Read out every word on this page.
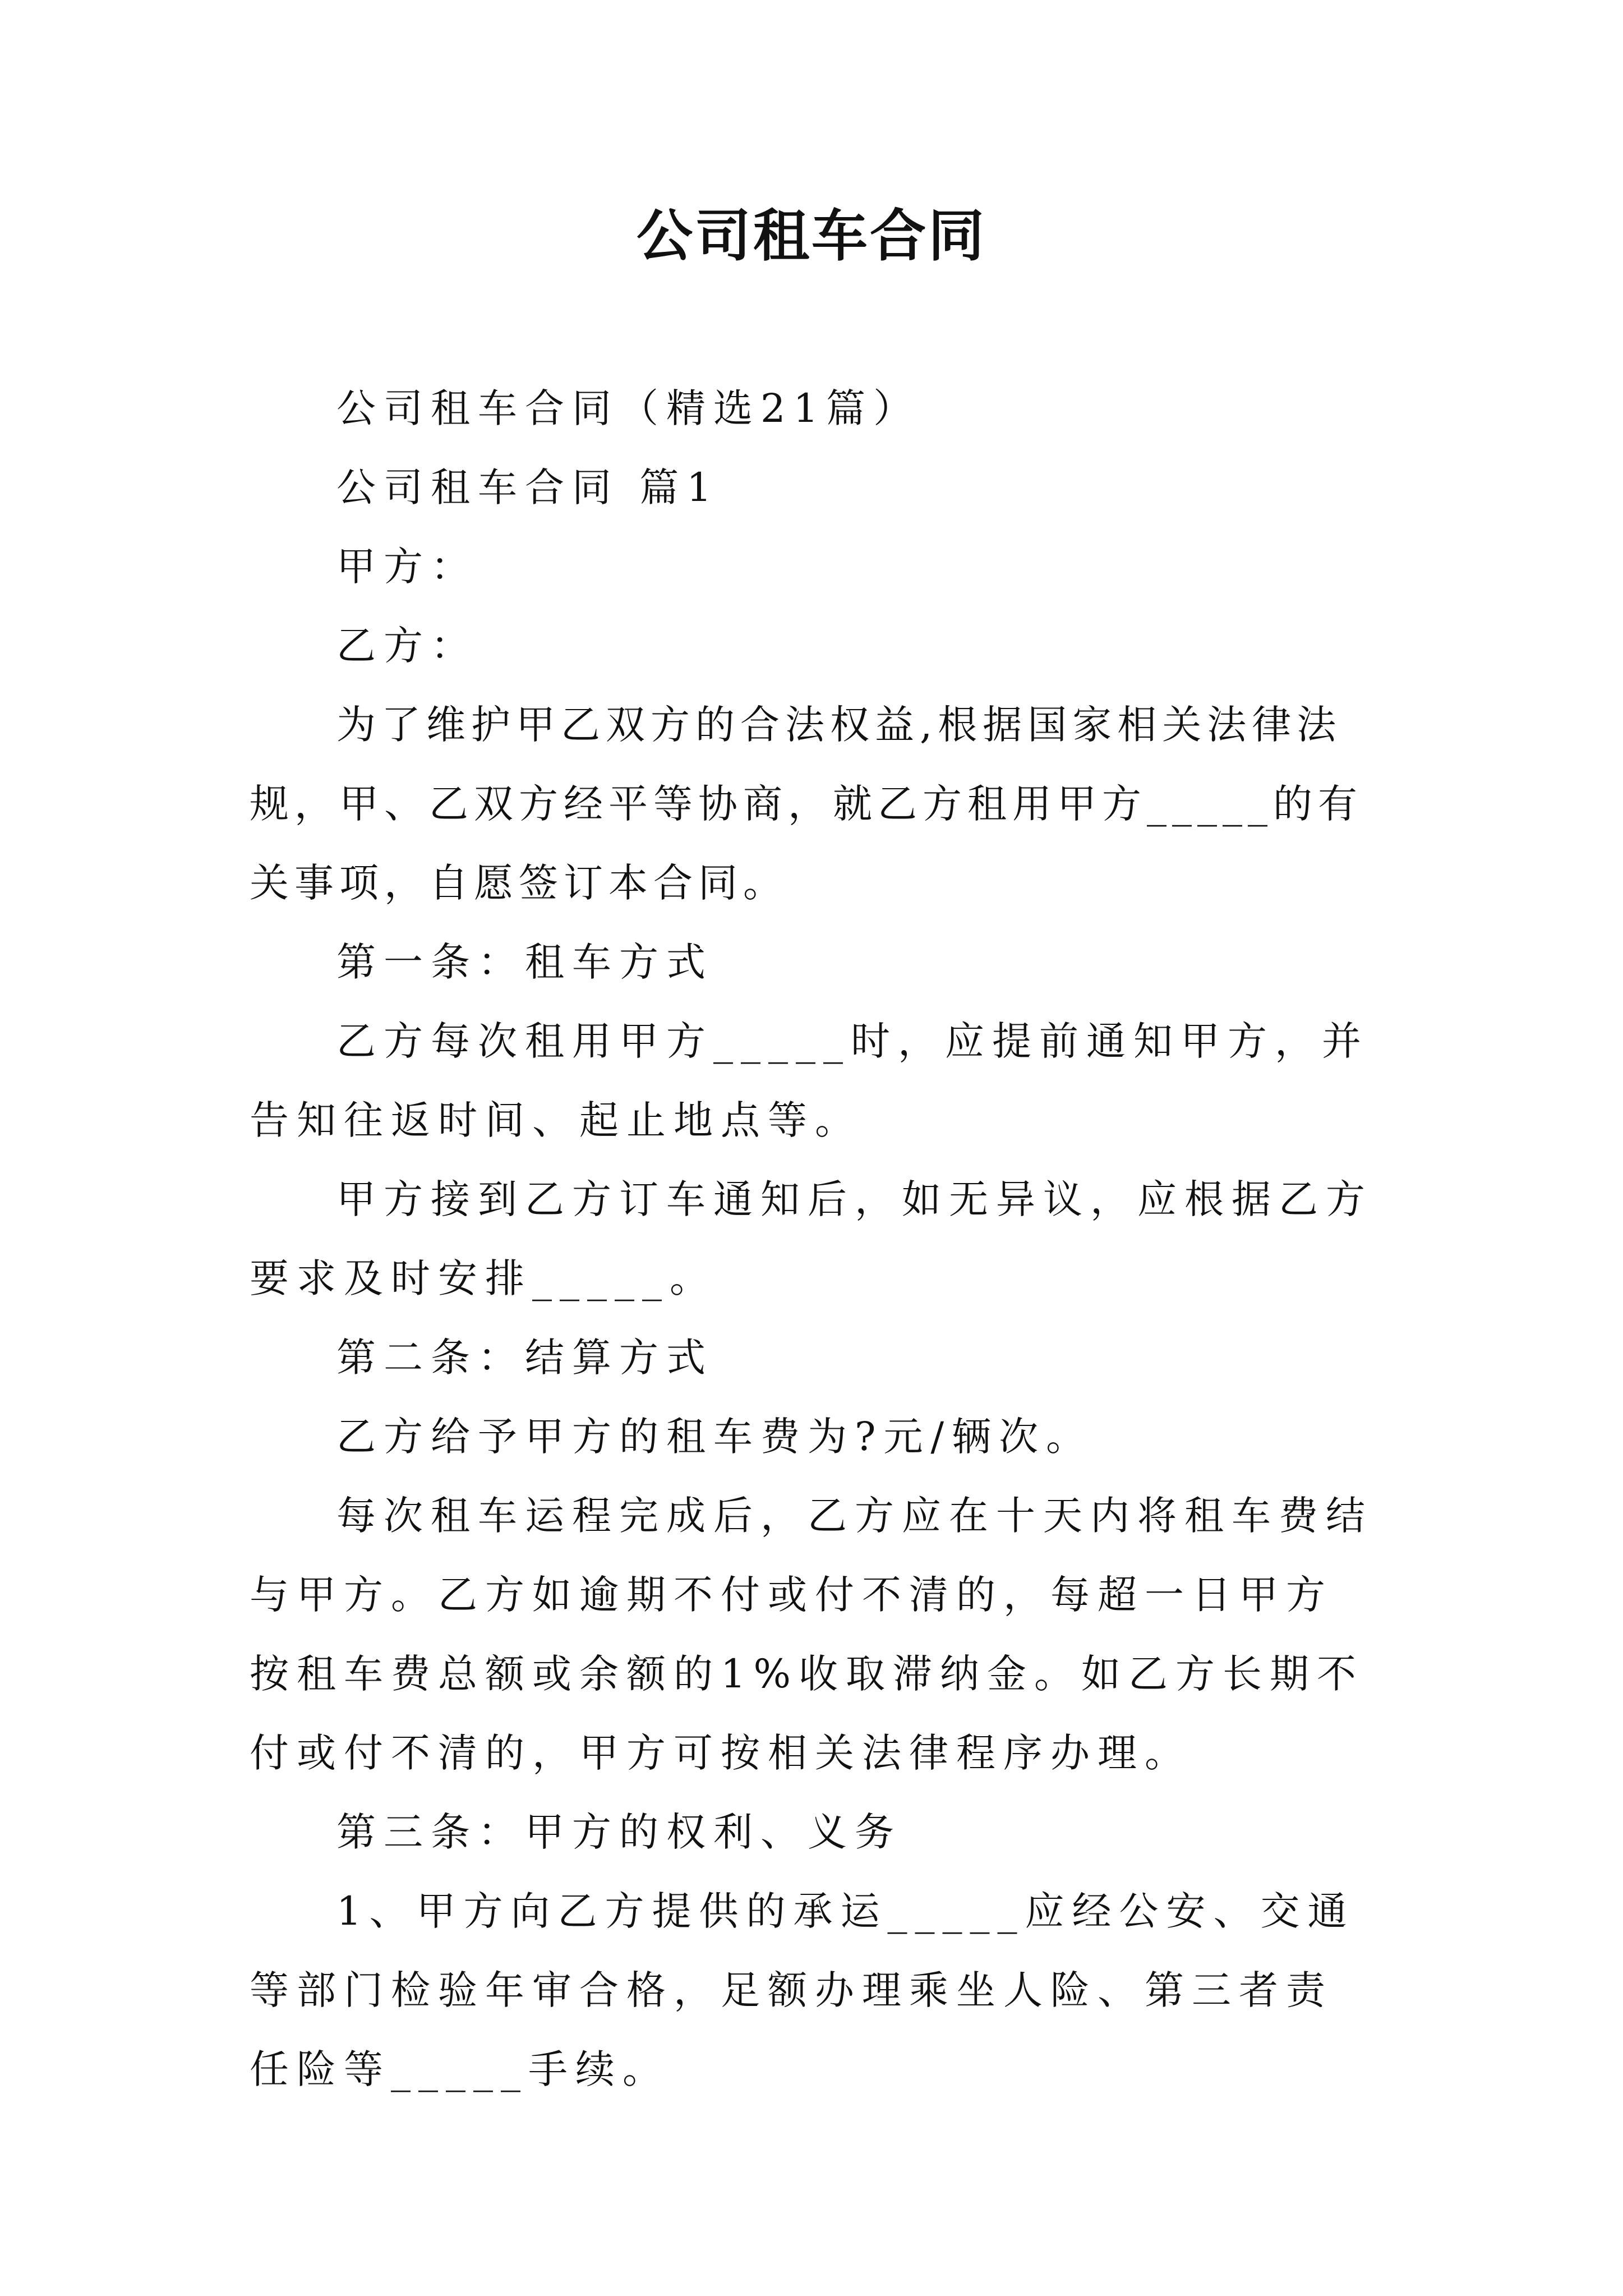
公司租车合同

公司租车合同（精选21篇）

公司租车合同 篇1

甲方：

乙方：

为了维护甲乙双方的合法权益,根据国家相关法律法规，甲、乙双方经平等协商，就乙方租用甲方_____的有关事项，自愿签订本合同。

第一条：租车方式

乙方每次租用甲方_____时，应提前通知甲方，并告知往返时间、起止地点等。

甲方接到乙方订车通知后，如无异议，应根据乙方要求及时安排_____。

第二条：结算方式

乙方给予甲方的租车费为?元/辆次。

每次租车运程完成后，乙方应在十天内将租车费结与甲方。乙方如逾期不付或付不清的，每超一日甲方按租车费总额或余额的1%收取滞纳金。如乙方长期不付或付不清的，甲方可按相关法律程序办理。

第三条：甲方的权利、义务

1、甲方向乙方提供的承运_____应经公安、交通等部门检验年审合格，足额办理乘坐人险、第三者责任险等_____手续。
